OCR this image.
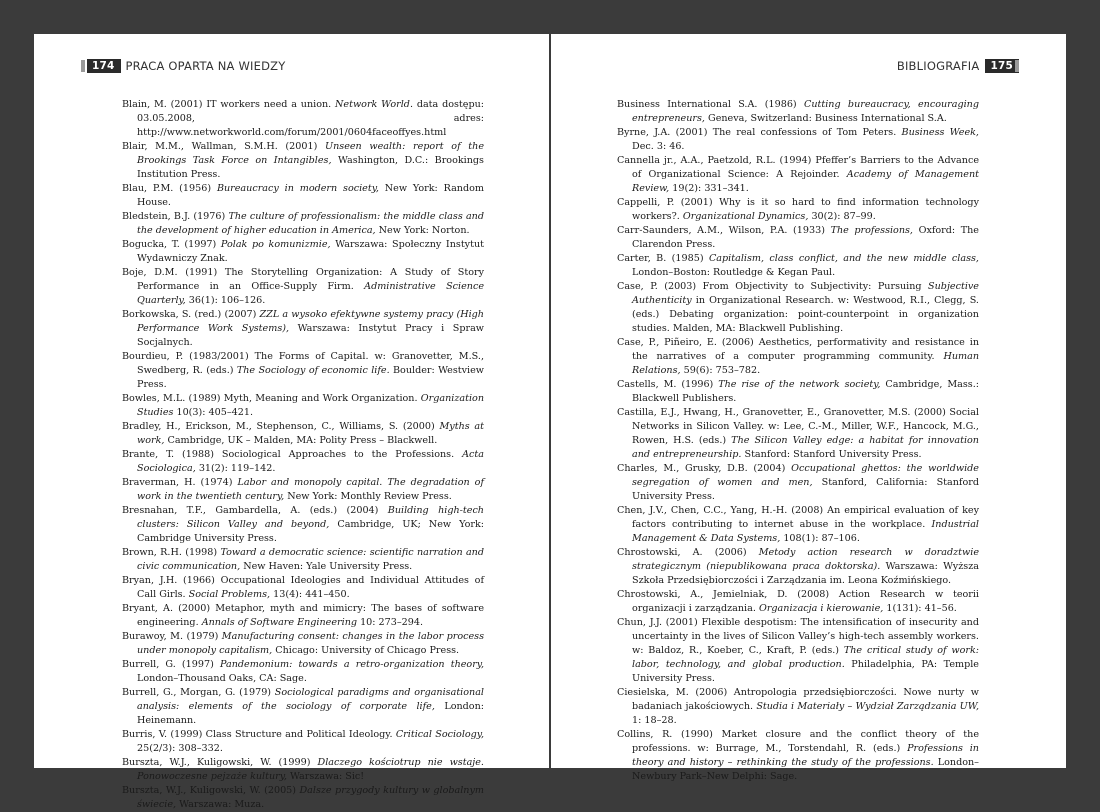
174 PRACA OPARTA NA WIEDZY
Blain, M. (2001) IT workers need a union. Network World. data dostępu: 03.05.2008, adres: http://www.networkworld.com/forum/2001/0604faceoffyes.html
Blair, M.M., Wallman, S.M.H. (2001) Unseen wealth: report of the Brookings Task Force on Intangibles, Washington, D.C.: Brookings Institution Press.
Blau, P.M. (1956) Bureaucracy in modern society, New York: Random House.
Bledstein, B.J. (1976) The culture of professionalism: the middle class and the development of higher education in America, New York: Norton.
Bogucka, T. (1997) Polak po komunizmie, Warszawa: Społeczny Instytut Wydawniczy Znak.
Boje, D.M. (1991) The Storytelling Organization: A Study of Story Performance in an Office-Supply Firm. Administrative Science Quarterly, 36(1): 106–126.
Borkowska, S. (red.) (2007) ZZL a wysoko efektywne systemy pracy (High Performance Work Systems), Warszawa: Instytut Pracy i Spraw Socjalnych.
Bourdieu, P. (1983/2001) The Forms of Capital. w: Granovetter, M.S., Swedberg, R. (eds.) The Sociology of economic life. Boulder: Westview Press.
Bowles, M.L. (1989) Myth, Meaning and Work Organization. Organization Studies 10(3): 405–421.
Bradley, H., Erickson, M., Stephenson, C., Williams, S. (2000) Myths at work, Cambridge, UK – Malden, MA: Polity Press – Blackwell.
Brante, T. (1988) Sociological Approaches to the Professions. Acta Sociologica, 31(2): 119–142.
Braverman, H. (1974) Labor and monopoly capital. The degradation of work in the twentieth century, New York: Monthly Review Press.
Bresnahan, T.F., Gambardella, A. (eds.) (2004) Building high-tech clusters: Silicon Valley and beyond, Cambridge, UK; New York: Cambridge University Press.
Brown, R.H. (1998) Toward a democratic science: scientific narration and civic communication, New Haven: Yale University Press.
Bryan, J.H. (1966) Occupational Ideologies and Individual Attitudes of Call Girls. Social Problems, 13(4): 441–450.
Bryant, A. (2000) Metaphor, myth and mimicry: The bases of software engineering. Annals of Software Engineering 10: 273–294.
Burawoy, M. (1979) Manufacturing consent: changes in the labor process under monopoly capitalism, Chicago: University of Chicago Press.
Burrell, G. (1997) Pandemonium: towards a retro-organization theory, London–Thousand Oaks, CA: Sage.
Burrell, G., Morgan, G. (1979) Sociological paradigms and organisational analysis: elements of the sociology of corporate life, London: Heinemann.
Burris, V. (1999) Class Structure and Political Ideology. Critical Sociology, 25(2/3): 308–332.
Burszta, W.J., Kuligowski, W. (1999) Dlaczego kościotrup nie wstaje. Ponowoczesne pejzaże kultury, Warszawa: Sic!
Burszta, W.J., Kuligowski, W. (2005) Dalsze przygody kultury w globalnym świecie, Warszawa: Muza.
BIBLIOGRAFIA	175
Business International S.A. (1986) Cutting bureaucracy, encouraging entrepreneurs, Geneva, Switzerland: Business International S.A.
Byrne, J.A. (2001) The real confessions of Tom Peters. Business Week, Dec. 3: 46.
Cannella jr., A.A., Paetzold, R.L. (1994) Pfeffer’s Barriers to the Advance of Organizational Science: A Rejoinder. Academy of Management Review, 19(2): 331–341.
Cappelli, P. (2001) Why is it so hard to find information technology workers?. Organizational Dynamics, 30(2): 87–99.
Carr-Saunders, A.M., Wilson, P.A. (1933) The professions, Oxford: The Clarendon Press.
Carter, B. (1985) Capitalism, class conflict, and the new middle class, London–Boston: Routledge & Kegan Paul.
Case, P. (2003) From Objectivity to Subjectivity: Pursuing Subjective Authenticity in Organizational Research. w: Westwood, R.I., Clegg, S. (eds.) Debating organization: point-counterpoint in organization studies. Malden, MA: Blackwell Publishing.
Case, P., Piñeiro, E. (2006) Aesthetics, performativity and resistance in the narratives of a computer programming community. Human Relations, 59(6): 753–782.
Castells, M. (1996) The rise of the network society, Cambridge, Mass.: Blackwell Publishers.
Castilla, E.J., Hwang, H., Granovetter, E., Granovetter, M.S. (2000) Social Networks in Silicon Valley. w: Lee, C.-M., Miller, W.F., Hancock, M.G., Rowen, H.S. (eds.) The Silicon Valley edge: a habitat for innovation and entrepreneurship. Stanford: Stanford University Press.
Charles, M., Grusky, D.B. (2004) Occupational ghettos: the worldwide segregation of women and men, Stanford, California: Stanford University Press.
Chen, J.V., Chen, C.C., Yang, H.-H. (2008) An empirical evaluation of key factors contributing to internet abuse in the workplace. Industrial Management & Data Systems, 108(1): 87–106.
Chrostowski, A. (2006) Metody action research w doradztwie strategicznym (niepublikowana praca doktorska). Warszawa: Wyższa Szkoła Przedsiębiorczości i Zarządzania im. Leona Koźmińskiego.
Chrostowski, A., Jemielniak, D. (2008) Action Research w teorii organizacji i zarządzania. Organizacja i kierowanie, 1(131): 41–56.
Chun, J.J. (2001) Flexible despotism: The intensification of insecurity and uncertainty in the lives of Silicon Valley’s high-tech assembly workers. w: Baldoz, R., Koeber, C., Kraft, P. (eds.) The critical study of work: labor, technology, and global production. Philadelphia, PA: Temple University Press.
Ciesielska, M. (2006) Antropologia przedsiębiorczości. Nowe nurty w badaniach jakościowych. Studia i Materiały – Wydział Zarządzania UW, 1: 18–28.
Collins, R. (1990) Market closure and the conflict theory of the professions. w: Burrage, M., Torstendahl, R. (eds.) Professions in theory and history – rethinking the study of the professions. London–Newbury Park–New Delphi: Sage.
